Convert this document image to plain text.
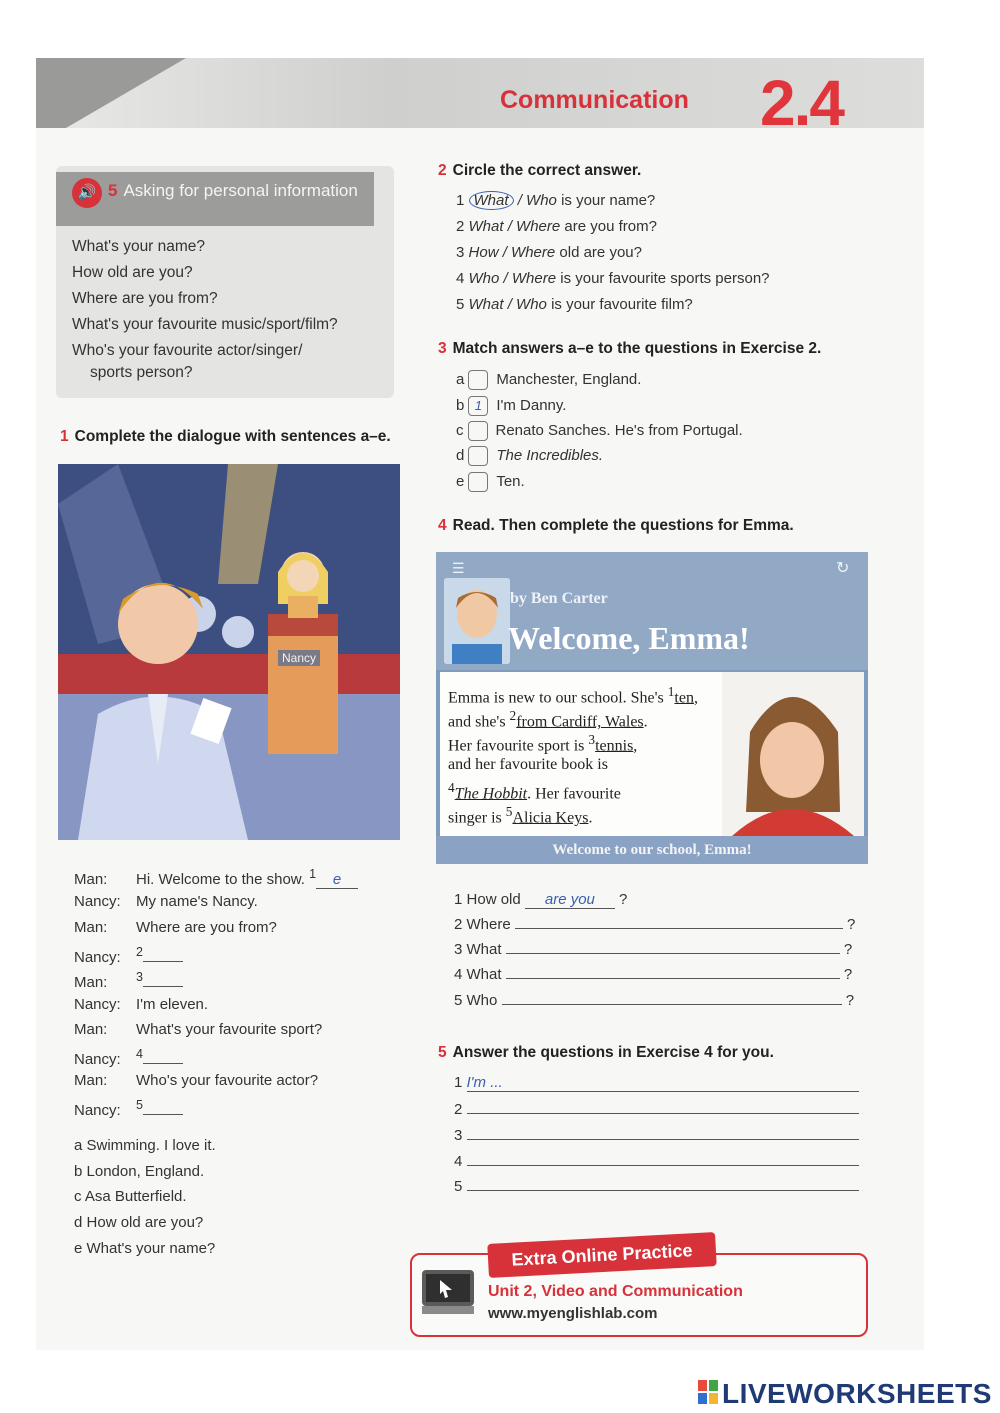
Communication 2.4
🔊 5 Asking for personal information
What's your name?
How old are you?
Where are you from?
What's your favourite music/sport/film?
Who's your favourite actor/singer/
sports person?
1 Complete the dialogue with sentences a–e.
Nancy
Man: Hi. Welcome to the show. $^1$ e
Nancy: My name's Nancy.
Man: Where are you from?
Nancy: $^2$
Man: $^3$
Nancy: I'm eleven.
Man: What's your favourite sport?
Nancy: $^4$
Man: Who's your favourite actor?
Nancy: $^5$
a Swimming. I love it.
b London, England.
c Asa Butterfield.
d How old are you?
e What's your name?
2 Circle the correct answer.
1 What / Who is your name?
2 What / Where are you from?
3 How / Where old are you?
4 Who / Where is your favourite sports person?
5 What / Who is your favourite film?
3 Match answers a–e to the questions in Exercise 2.
a Manchester, England.
b 1 I'm Danny.
c Renato Sanches. He's from Portugal.
d The Incredibles.
e Ten.
4 Read. Then complete the questions for Emma.
☰	↻
by Ben Carter
Welcome, Emma!
Emma is new to our school. She's $^1$ten,
and she's $^2$from Cardiff, Wales.
Her favourite sport is $^3$tennis,
and her favourite book is
$^4$The Hobbit. Her favourite
singer is $^5$Alicia Keys.
Welcome to our school, Emma!
1 How old are you ?
2 Where	?
3 What	?
4 What	?
5 Who	?
5 Answer the questions in Exercise 4 for you.
1 I'm ...
2
3
4
5
Extra Online Practice
Unit 2, Video and Communication
www.myenglishlab.com
LIVEWORKSHEETS
